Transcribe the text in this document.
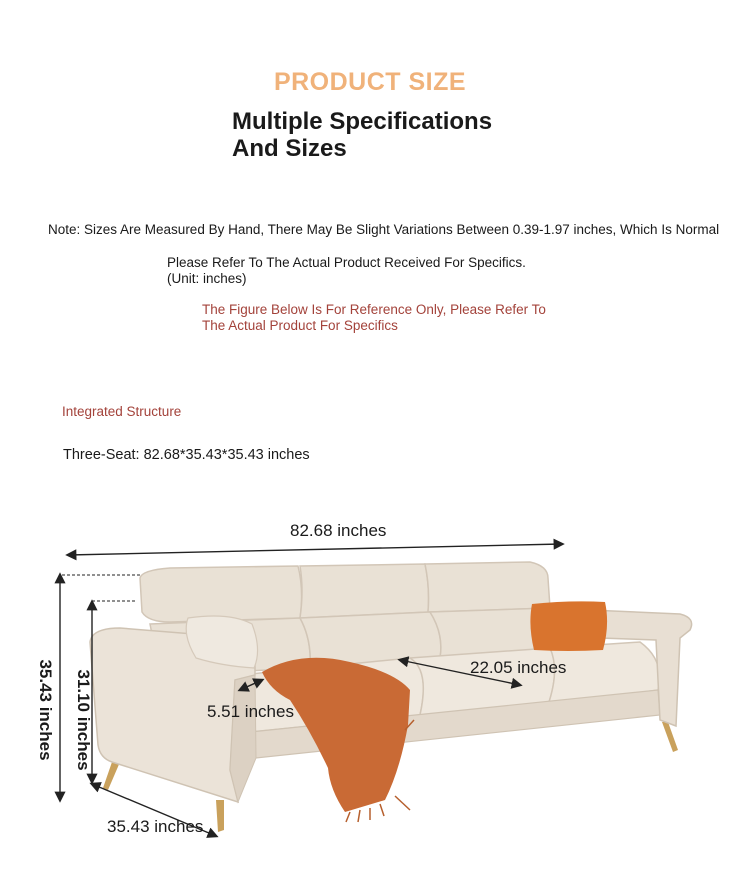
PRODUCT SIZE
Multiple Specifications
And Sizes
Note: Sizes Are Measured By Hand, There May Be Slight Variations Between 0.39-1.97 inches, Which Is Normal
Please Refer To The Actual Product Received For Specifics.
(Unit: inches)
The Figure Below Is For Reference Only, Please Refer To
The Actual Product For Specifics
Integrated Structure
Three-Seat: 82.68*35.43*35.43 inches
82.68 inches
22.05 inches
5.51 inches
35.43 inches
35.43 inches 31.10 inches
